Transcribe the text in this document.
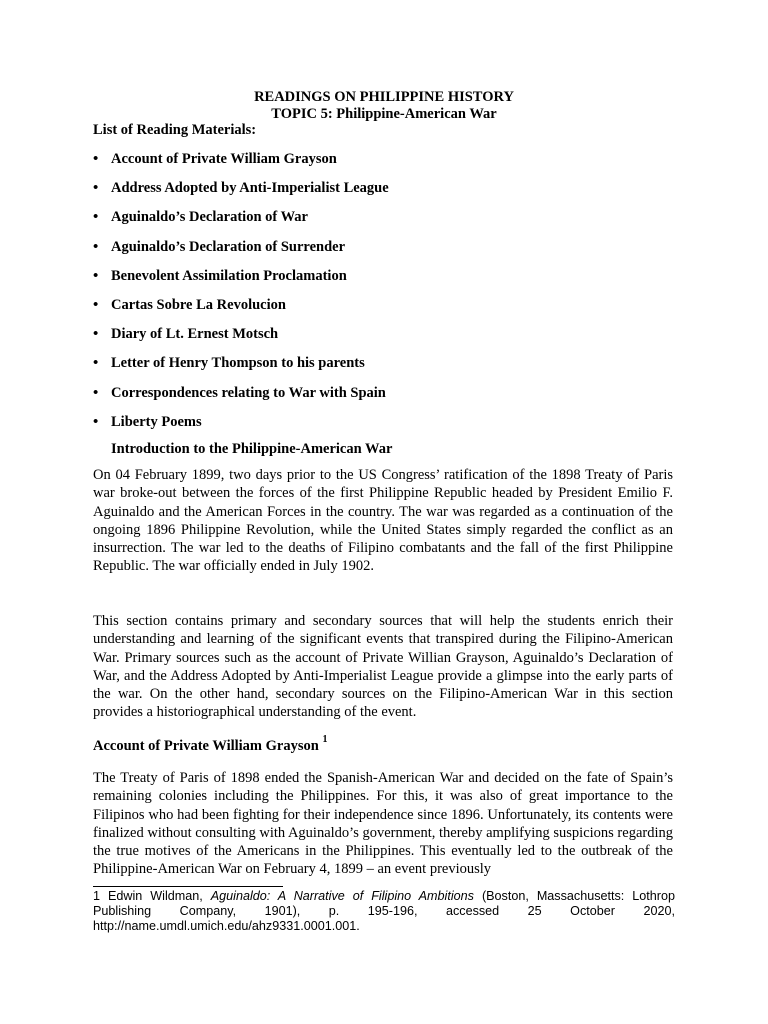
READINGS ON PHILIPPINE HISTORY
TOPIC 5: Philippine-American War
List of Reading Materials:
• Account of Private William Grayson
• Address Adopted by Anti-Imperialist League
• Aguinaldo’s Declaration of War
• Aguinaldo’s Declaration of Surrender
• Benevolent Assimilation Proclamation
• Cartas Sobre La Revolucion
• Diary of Lt. Ernest Motsch
• Letter of Henry Thompson to his parents
• Correspondences relating to War with Spain
• Liberty Poems
Introduction to the Philippine-American War

On 04 February 1899, two days prior to the US Congress’ ratification of the 1898 Treaty of Paris war broke-out between the forces of the first Philippine Republic headed by President Emilio F. Aguinaldo and the American Forces in the country. The war was regarded as a continuation of the ongoing 1896 Philippine Revolution, while the United States simply regarded the conflict as an insurrection. The war led to the deaths of Filipino combatants and the fall of the first Philippine Republic. The war officially ended in July 1902.

This section contains primary and secondary sources that will help the students enrich their understanding and learning of the significant events that transpired during the Filipino-American War. Primary sources such as the account of Private Willian Grayson, Aguinaldo’s Declaration of War, and the Address Adopted by Anti-Imperialist League provide a glimpse into the early parts of the war. On the other hand, secondary sources on the Filipino-American War in this section provides a historiographical understanding of the event.

Account of Private William Grayson $^1$

The Treaty of Paris of 1898 ended the Spanish-American War and decided on the fate of Spain’s remaining colonies including the Philippines. For this, it was also of great importance to the Filipinos who had been fighting for their independence since 1896. Unfortunately, its contents were finalized without consulting with Aguinaldo’s government, thereby amplifying suspicions regarding the true motives of the Americans in the Philippines. This eventually led to the outbreak of the Philippine-American War on February 4, 1899 – an event previously

1 Edwin Wildman, Aguinaldo: A Narrative of Filipino Ambitions (Boston, Massachusetts: Lothrop Publishing Company, 1901), p. 195-196, accessed 25 October 2020, http://name.umdl.umich.edu/ahz9331.0001.001.
